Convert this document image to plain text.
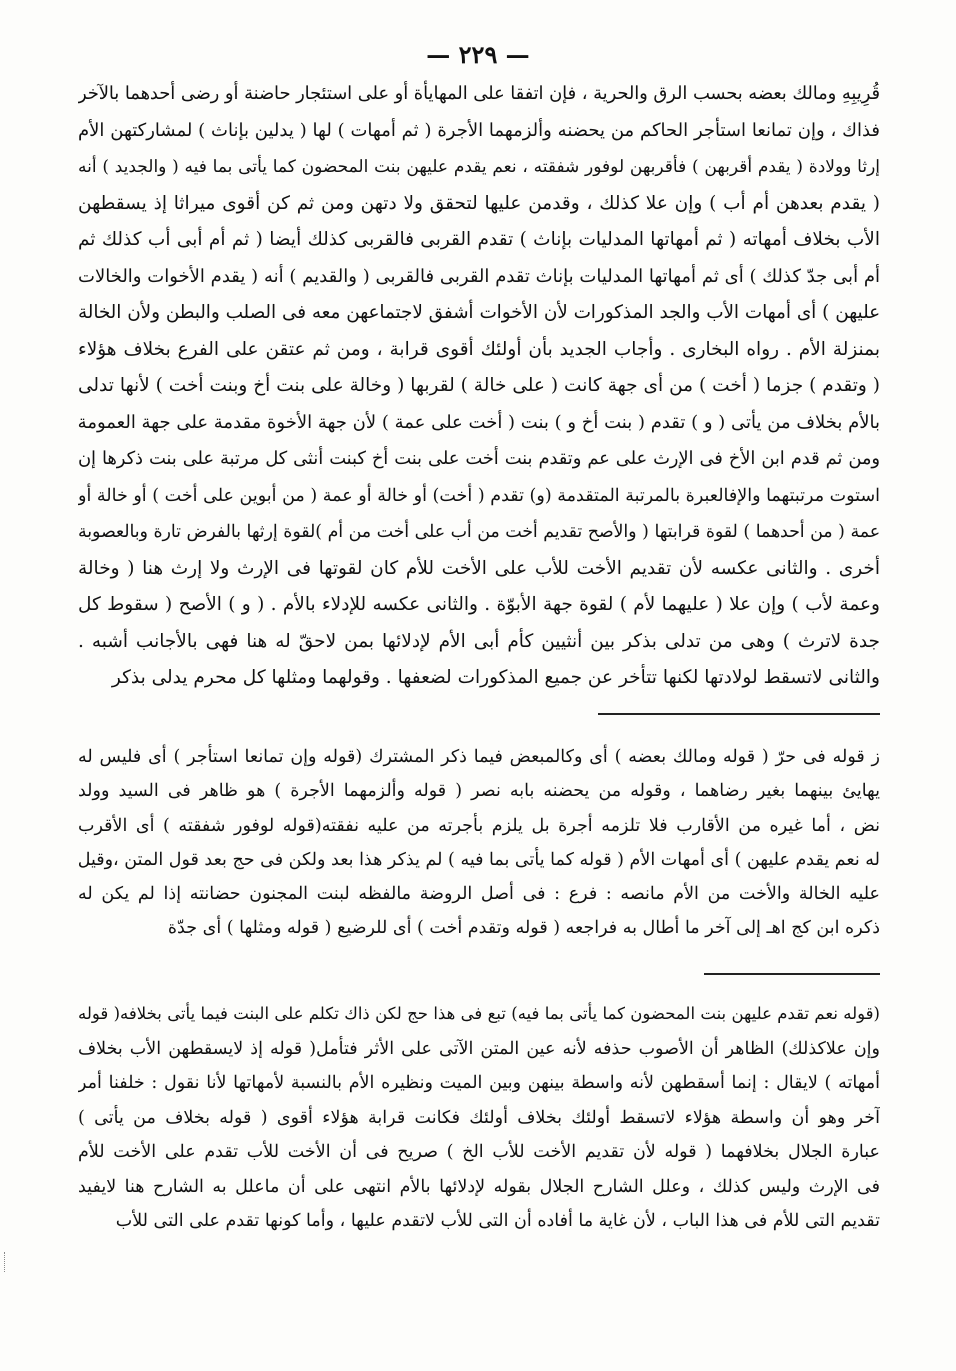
— ٢٢٩ —
قُرِيبِهِ ومالك بعضه بحسب الرق والحرية ، فإن اتفقا على المهايأة أو على استئجار حاضنة أو رضى أحدهما بالآخر
فذاك ، وإن تمانعا استأجر الحاكم من يحضنه وألزمهما الأجرة ( ثم أمهات ) لها ( يدلين بإناث ) لمشاركتهن الأم
إرثا وولادة ( يقدم أقربهن ) فأقربهن لوفور شفقته ، نعم يقدم عليهن بنت المحضون كما يأتى بما فيه ( والجديد ) أنه
( يقدم بعدهن أم أب ) وإن علا كذلك ، وقدمن عليها لتحقق ولا دتهن ومن ثم كن أقوى ميراثا إذ يسقطهن
الأب بخلاف أمهاته ( ثم أمهاتها المدليات بإناث ) تقدم القربى فالقربى كذلك أيضا ( ثم أم أبى أب كذلك ثم
أم أبى جدّ كذلك ) أى ثم أمهاتها المدليات بإناث تقدم القربى فالقربى ( والقديم ) أنه ( يقدم الأخوات والخالات
عليهن ) أى أمهات الأب والجد المذكورات لأن الأخوات أشفق لاجتماعهن معه فى الصلب والبطن ولأن الخالة
بمنزلة الأم . رواه البخارى . وأجاب الجديد بأن أولئك أقوى قرابة ، ومن ثم عتقن على الفرع بخلاف هؤلاء
( وتقدم ) جزما ( أخت ) من أى جهة كانت ( على خالة ) لقربها ( وخالة على بنت أخ وبنت أخت ) لأنها تدلى
بالأم بخلاف من يأتى ( و ) تقدم ( بنت أخ و ) بنت ( أخت على عمة ) لأن جهة الأخوة مقدمة على جهة العمومة
ومن ثم قدم ابن الأخ فى الإرث على عم وتقدم بنت أخت على بنت أخ كبنت أنثى كل مرتبة على بنت ذكرها إن
استوت مرتبتهما والإفالعبرة بالمرتبة المتقدمة (و) تقدم ( أخت) أو خالة أو عمة ( من أبوين على أخت ) أو خالة أو
عمة ( من أحدهما ) لقوة قرابتها ( والأصح تقديم أخت من أب على أخت من أم )لقوة إرثها بالفرض تارة وبالعصوبة
أخرى . والثانى عكسه لأن تقديم الأخت للأب على الأخت للأم كان لقوتها فى الإرث ولا إرث هنا ( وخالة
وعمة لأب ) وإن علا ( عليهما لأم ) لقوة جهة الأبوّة . والثانى عكسه للإدلاء بالأم . ( و ) الأصح ( سقوط كل
جدة لاترث ) وهى من تدلى بذكر بين أنثيين كأم أبى الأم لإدلائها بمن لاحقّ له هنا فهى بالأجانب أشبه .
والثانى لاتسقط لولادتها لكنها تتأخر عن جميع المذكورات لضعفها . وقولهما ومثلها كل محرم يدلى بذكر
ز قوله فى حرّ ( قوله ومالك بعضه ) أى وكالمبعض فيما ذكر المشترك (قوله وإن تمانعا استأجر ) أى فليس له
يهايئ بينهما بغير رضاهما ، وقوله من يحضنه بابه نصر ( قوله وألزمهما الأجرة ) هو ظاهر فى السيد وولد
نض ، أما غيره من الأقارب فلا تلزمه أجرة بل يلزم بأجرته من عليه نفقته(قوله لوفور شفقته ) أى الأقرب
له نعم يقدم عليهن ) أى أمهات الأم ( قوله كما يأتى بما فيه ) لم يذكر هذا بعد ولكن فى حج بعد قول المتن ،وقيل
عليه الخالة والأخت من الأم مانصه : فرع : فى أصل الروضة مالفظه لبنت المجنون حضانته إذا لم يكن له
ذكره ابن كج اهـ إلى آخر ما أطال به فراجعه ( قوله وتقدم أخت ) أى للرضيع ( قوله ومثلها ) أى جدّة
(قوله نعم تقدم عليهن بنت المحضون كما يأتى بما فيه) تبع فى هذا حج لكن ذاك تكلم على البنت فيما يأتى بخلافه( قوله
وإن علاكذلك) الظاهر أن الأصوب حذفه لأنه عين المتن الآتى على الأثر فتأمل( قوله إذ لايسقطهن الأب بخلاف
أمهاته ) لايقال : إنما أسقطهن لأنه واسطة بينهن وبين الميت ونظيره الأم بالنسبة لأمهاتها لأنا نقول : خلفنا أمر
آخر وهو أن واسطة هؤلاء لاتسقط أولئك بخلاف أولئك فكانت قرابة هؤلاء أقوى ( قوله بخلاف من يأتى )
عبارة الجلال بخلافهما ( قوله لأن تقديم الأخت للأب الخ ) صريح فى أن الأخت للأب تقدم على الأخت للأم
فى الإرث وليس كذلك ، وعلل الشارح الجلال بقوله لإدلائها بالأم انتهى على أن ماعلل به الشارح هنا لايفيد
تقديم التى للأم فى هذا الباب ، لأن غاية ما أفاده أن التى للأب لاتقدم عليها ، وأما كونها تقدم على التى للأب
